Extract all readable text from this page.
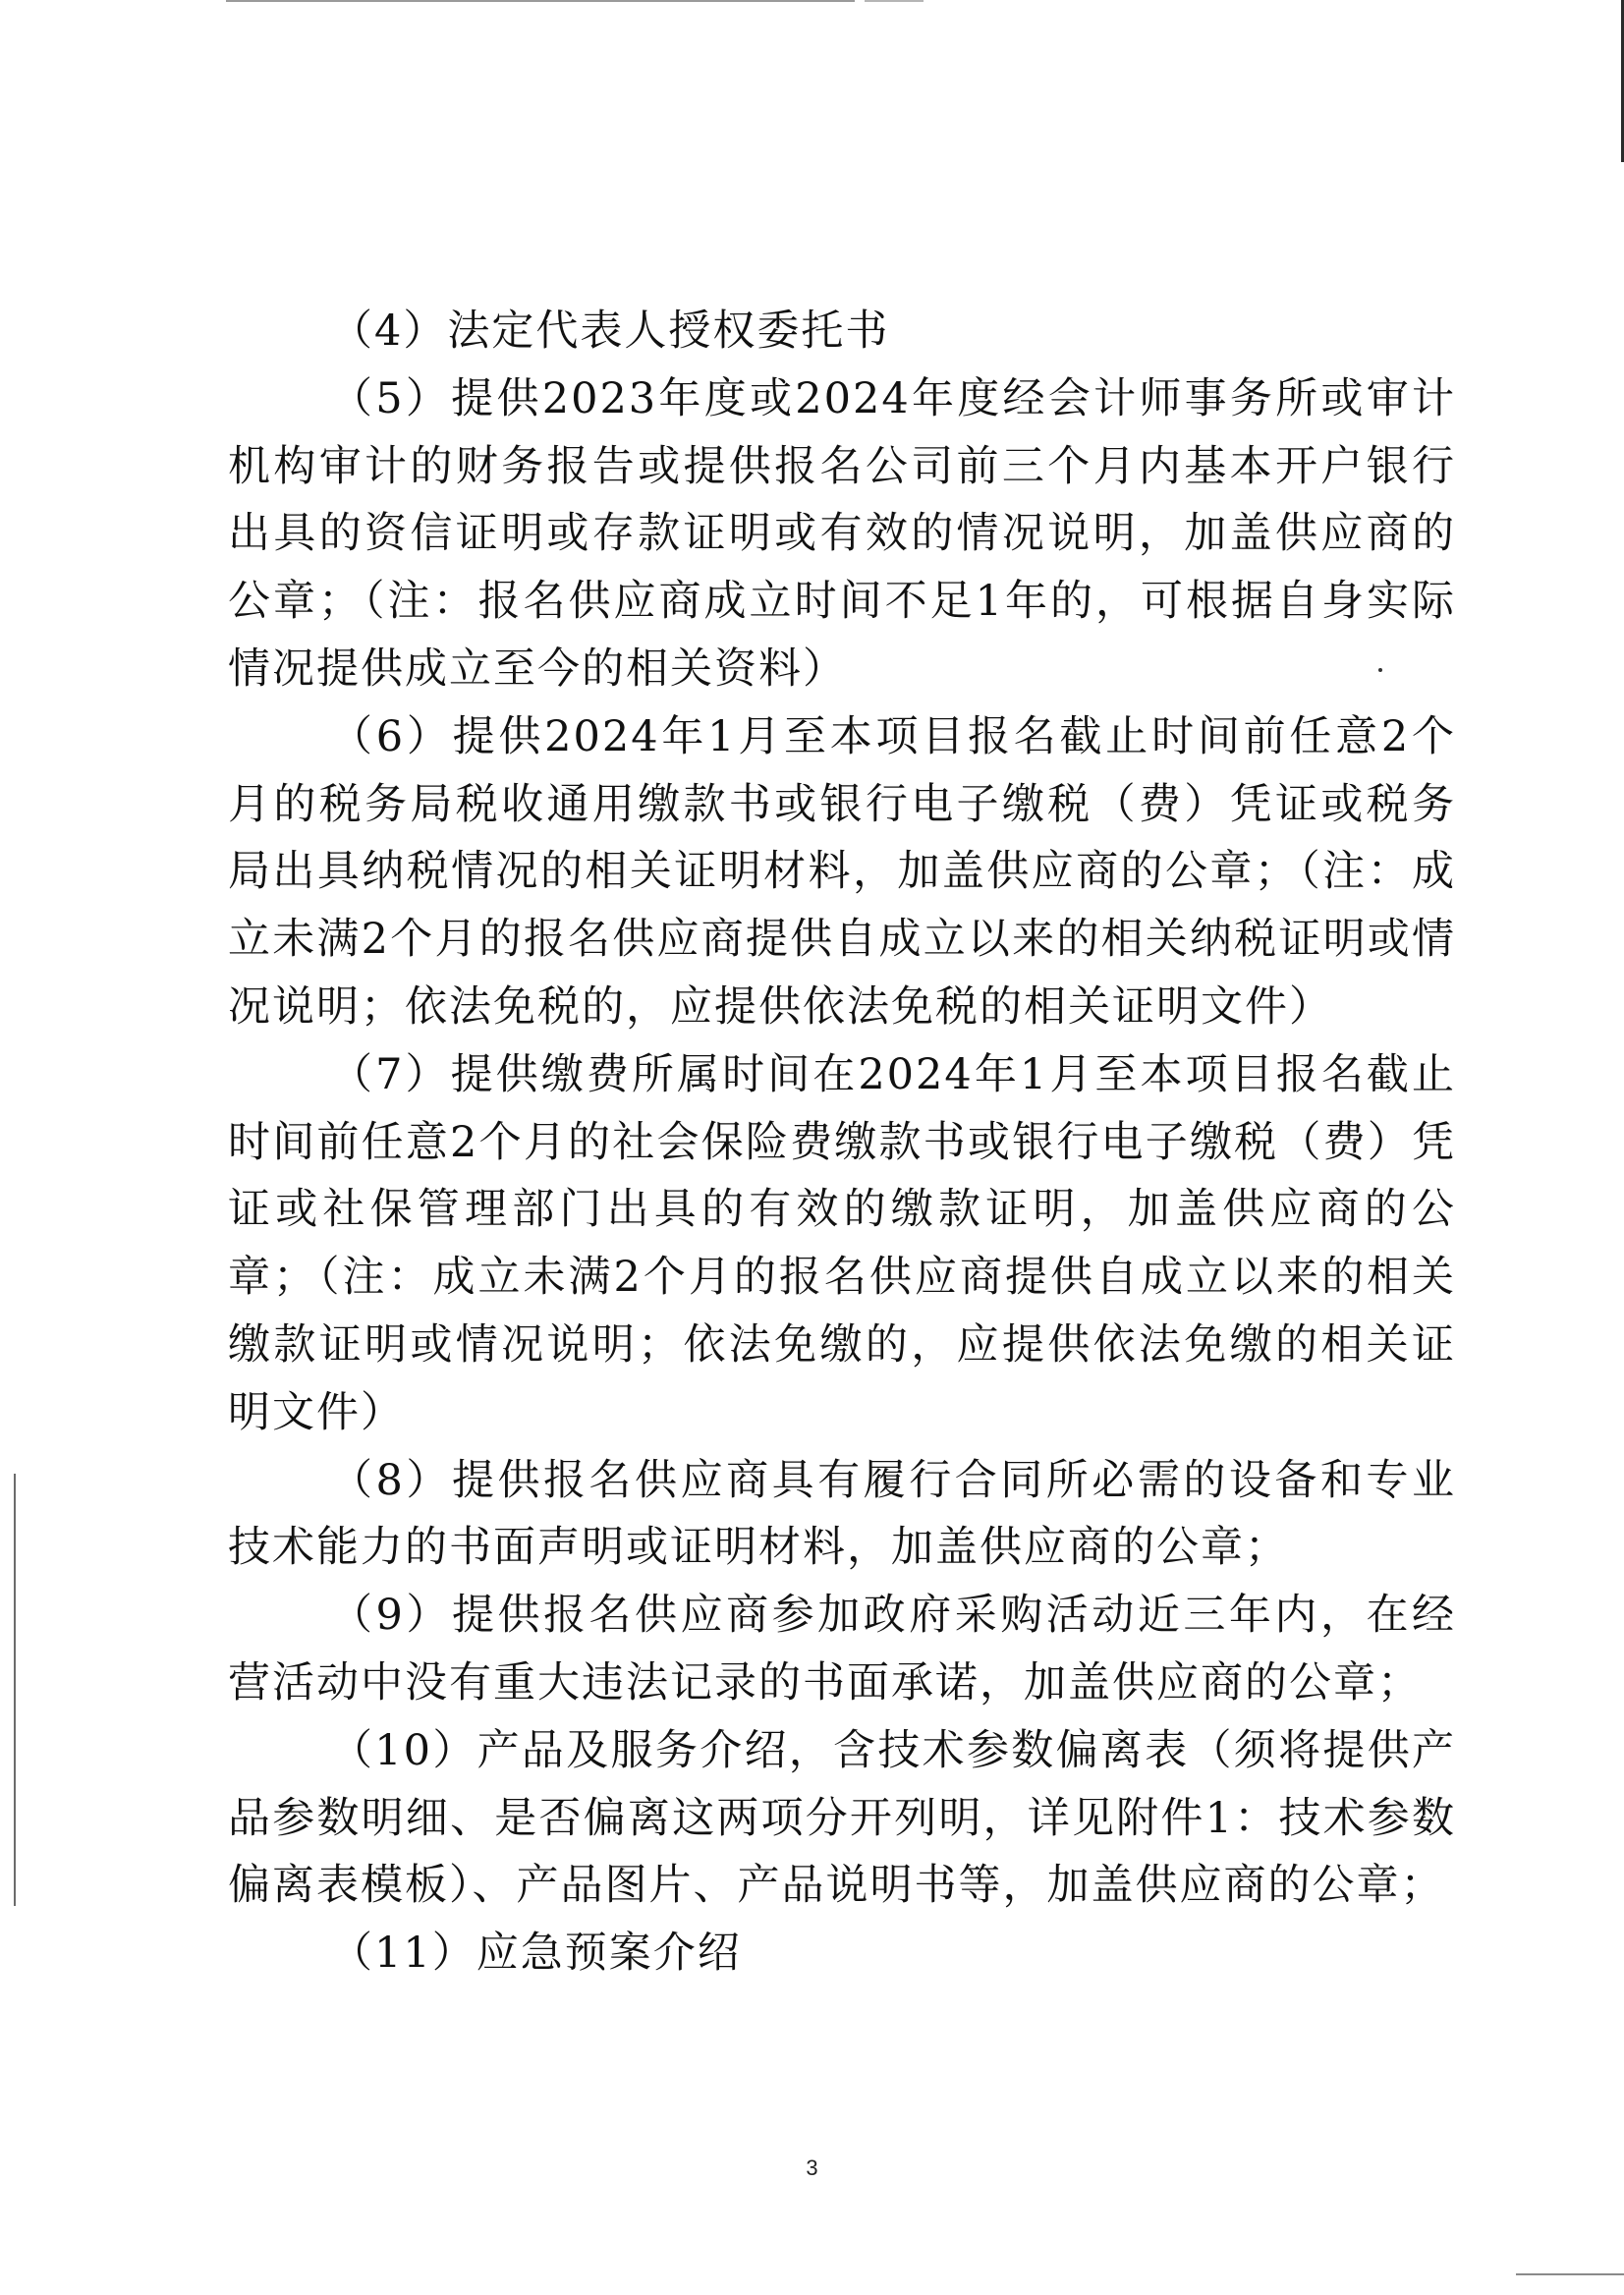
（4）法定代表人授权委托书

（5）提供2023年度或2024年度经会计师事务所或审计机构审计的财务报告或提供报名公司前三个月内基本开户银行出具的资信证明或存款证明或有效的情况说明，加盖供应商的公章；（注：报名供应商成立时间不足1年的，可根据自身实际情况提供成立至今的相关资料）

（6）提供2024年1月至本项目报名截止时间前任意2个月的税务局税收通用缴款书或银行电子缴税（费）凭证或税务局出具纳税情况的相关证明材料，加盖供应商的公章；（注：成立未满2个月的报名供应商提供自成立以来的相关纳税证明或情况说明；依法免税的，应提供依法免税的相关证明文件）

（7）提供缴费所属时间在2024年1月至本项目报名截止时间前任意2个月的社会保险费缴款书或银行电子缴税（费）凭证或社保管理部门出具的有效的缴款证明，加盖供应商的公章；（注：成立未满2个月的报名供应商提供自成立以来的相关缴款证明或情况说明；依法免缴的，应提供依法免缴的相关证明文件）

（8）提供报名供应商具有履行合同所必需的设备和专业技术能力的书面声明或证明材料，加盖供应商的公章；

（9）提供报名供应商参加政府采购活动近三年内，在经营活动中没有重大违法记录的书面承诺，加盖供应商的公章；

（10）产品及服务介绍，含技术参数偏离表（须将提供产品参数明细、是否偏离这两项分开列明，详见附件1：技术参数偏离表模板）、产品图片、产品说明书等，加盖供应商的公章；

（11）应急预案介绍

3
